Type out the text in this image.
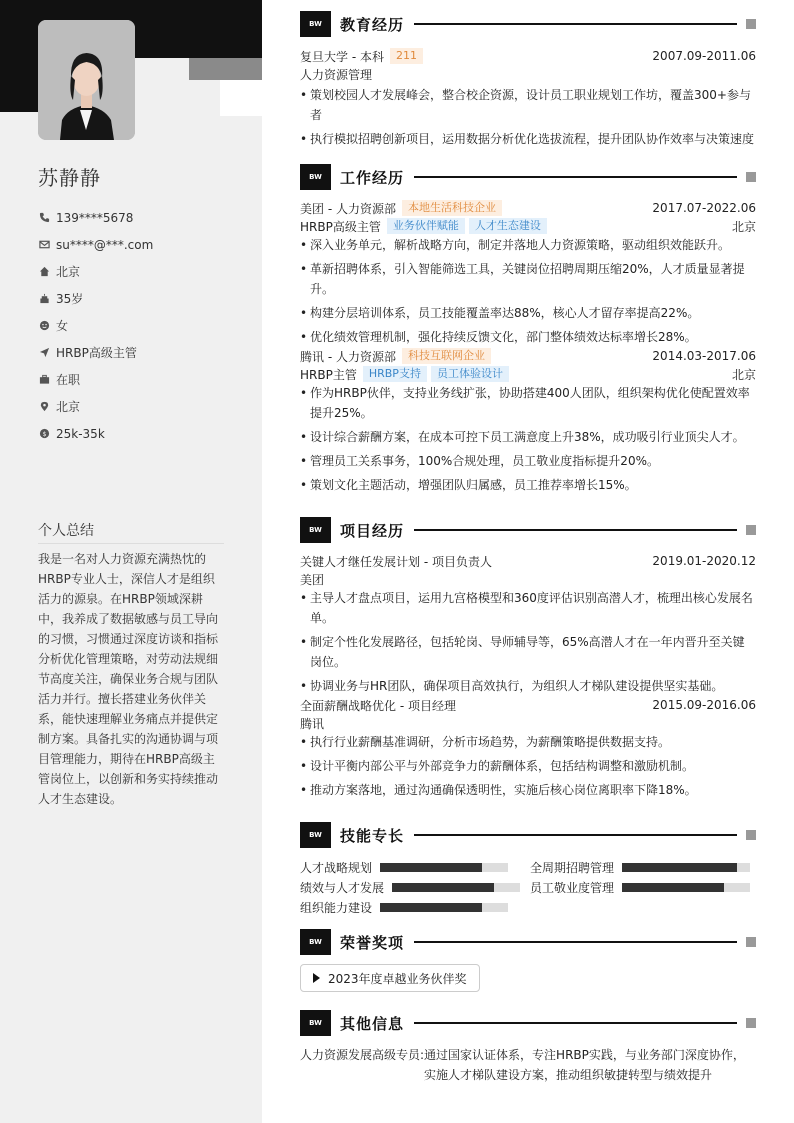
苏静静
139****5678
su****@***.com
北京
35岁
女
HRBP高级主管
在职
北京
$ 25k-35k
个人总结
我是一名对人力资源充满热忱的HRBP专业人士，深信人才是组织活力的源泉。在HRBP领域深耕中，我养成了数据敏感与员工导向的习惯，习惯通过深度访谈和指标分析优化管理策略，对劳动法规细节高度关注，确保业务合规与团队活力并行。擅长搭建业务伙伴关系，能快速理解业务痛点并提供定制方案。具备扎实的沟通协调与项目管理能力，期待在HRBP高级主管岗位上，以创新和务实持续推动人才生态建设。
BW	教育经历
复旦大学 - 本科	211	2007.09-2011.06
人力资源管理
• 策划校园人才发展峰会，整合校企资源，设计员工职业规划工作坊，覆盖300+参与者
• 执行模拟招聘创新项目，运用数据分析优化选拔流程，提升团队协作效率与决策速度
BW	工作经历
美团 - 人力资源部	本地生活科技企业	2017.07-2022.06
HRBP高级主管	业务伙伴赋能	人才生态建设	北京
• 深入业务单元，解析战略方向，制定并落地人力资源策略，驱动组织效能跃升。
• 革新招聘体系，引入智能筛选工具，关键岗位招聘周期压缩20%，人才质量显著提升。
• 构建分层培训体系，员工技能覆盖率达88%，核心人才留存率提高22%。
• 优化绩效管理机制，强化持续反馈文化，部门整体绩效达标率增长28%。
腾讯 - 人力资源部	科技互联网企业	2014.03-2017.06
HRBP主管	HRBP支持	员工体验设计	北京
• 作为HRBP伙伴，支持业务线扩张，协助搭建400人团队，组织架构优化使配置效率提升25%。
• 设计综合薪酬方案，在成本可控下员工满意度上升38%，成功吸引行业顶尖人才。
• 管理员工关系事务，100%合规处理，员工敬业度指标提升20%。
• 策划文化主题活动，增强团队归属感，员工推荐率增长15%。
BW	项目经历
关键人才继任发展计划 - 项目负责人	2019.01-2020.12
美团
• 主导人才盘点项目，运用九宫格模型和360度评估识别高潜人才，梳理出核心发展名单。
• 制定个性化发展路径，包括轮岗、导师辅导等，65%高潜人才在一年内晋升至关键岗位。
• 协调业务与HR团队，确保项目高效执行，为组织人才梯队建设提供坚实基础。
全面薪酬战略优化 - 项目经理	2015.09-2016.06
腾讯
• 执行行业薪酬基准调研，分析市场趋势，为薪酬策略提供数据支持。
• 设计平衡内部公平与外部竞争力的薪酬体系，包括结构调整和激励机制。
• 推动方案落地，通过沟通确保透明性，实施后核心岗位离职率下降18%。
BW	技能专长
人才战略规划	全周期招聘管理
绩效与人才发展	员工敬业度管理
组织能力建设
BW	荣誉奖项
2023年度卓越业务伙伴奖
BW	其他信息
人力资源发展高级专员: 通过国家认证体系，专注HRBP实践，与业务部门深度协作，实施人才梯队建设方案，推动组织敏捷转型与绩效提升
